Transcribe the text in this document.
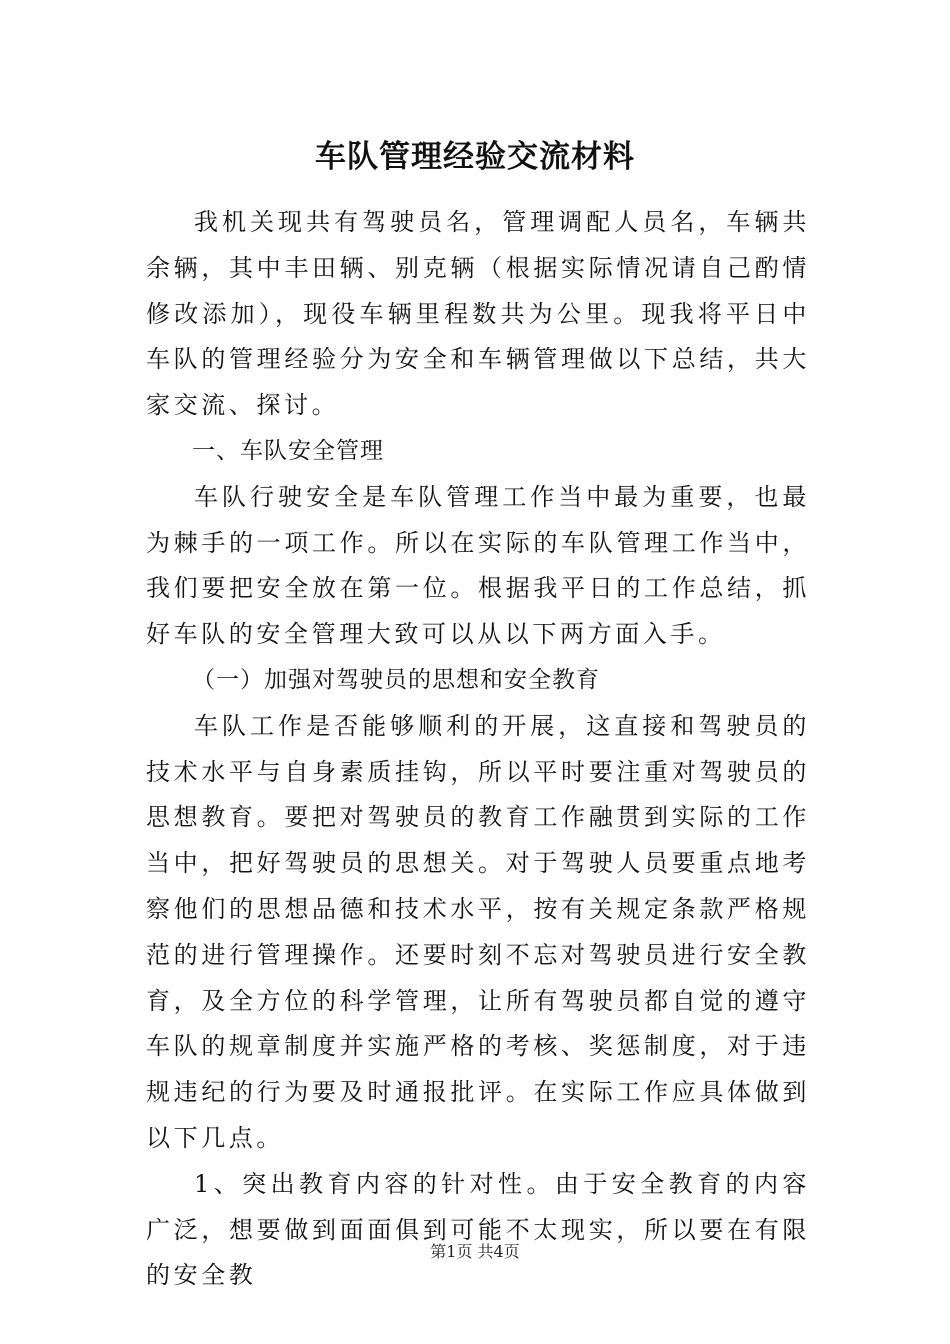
车队管理经验交流材料

我机关现共有驾驶员名，管理调配人员名，车辆共余辆，其中丰田辆、别克辆（根据实际情况请自己酌情修改添加），现役车辆里程数共为公里。现我将平日中车队的管理经验分为安全和车辆管理做以下总结，共大家交流、探讨。

一、车队安全管理

车队行驶安全是车队管理工作当中最为重要，也最为棘手的一项工作。所以在实际的车队管理工作当中，我们要把安全放在第一位。根据我平日的工作总结，抓好车队的安全管理大致可以从以下两方面入手。

（一）加强对驾驶员的思想和安全教育

车队工作是否能够顺利的开展，这直接和驾驶员的技术水平与自身素质挂钩，所以平时要注重对驾驶员的思想教育。要把对驾驶员的教育工作融贯到实际的工作当中，把好驾驶员的思想关。对于驾驶人员要重点地考察他们的思想品德和技术水平，按有关规定条款严格规范的进行管理操作。还要时刻不忘对驾驶员进行安全教育，及全方位的科学管理，让所有驾驶员都自觉的遵守车队的规章制度并实施严格的考核、奖惩制度，对于违规违纪的行为要及时通报批评。在实际工作应具体做到以下几点。

1、突出教育内容的针对性。由于安全教育的内容广泛，想要做到面面俱到可能不太现实，所以要在有限的安全教

第1页 共4页
